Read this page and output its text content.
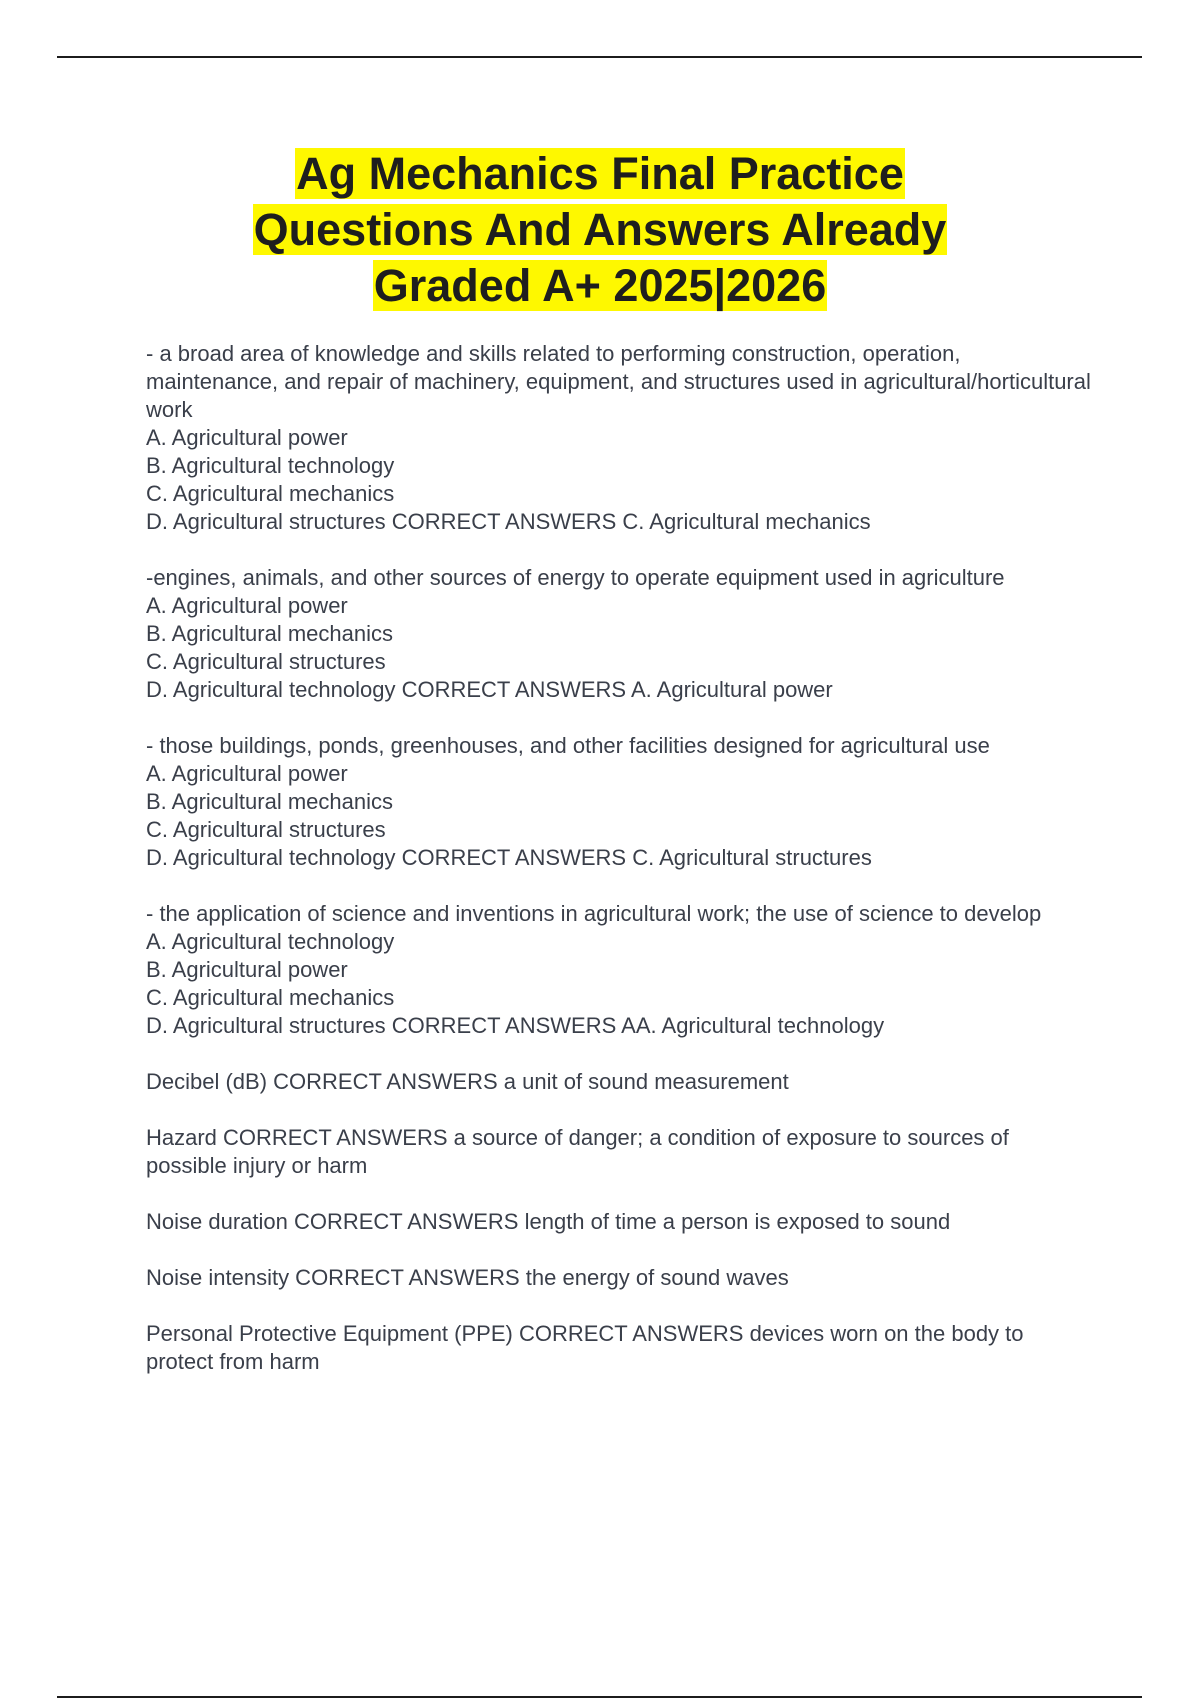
Ag Mechanics Final Practice
Questions And Answers Already
Graded A+ 2025|2026
- a broad area of knowledge and skills related to performing construction, operation, maintenance, and repair of machinery, equipment, and structures used in agricultural/horticultural work
A. Agricultural power
B. Agricultural technology
C. Agricultural mechanics
D. Agricultural structures CORRECT ANSWERS C. Agricultural mechanics
-engines, animals, and other sources of energy to operate equipment used in agriculture
A. Agricultural power
B. Agricultural mechanics
C. Agricultural structures
D. Agricultural technology CORRECT ANSWERS A. Agricultural power
- those buildings, ponds, greenhouses, and other facilities designed for agricultural use
A. Agricultural power
B. Agricultural mechanics
C. Agricultural structures
D. Agricultural technology CORRECT ANSWERS C. Agricultural structures
- the application of science and inventions in agricultural work; the use of science to develop
A. Agricultural technology
B. Agricultural power
C. Agricultural mechanics
D. Agricultural structures CORRECT ANSWERS AA. Agricultural technology
Decibel (dB) CORRECT ANSWERS a unit of sound measurement
Hazard CORRECT ANSWERS a source of danger; a condition of exposure to sources of possible injury or harm
Noise duration CORRECT ANSWERS length of time a person is exposed to sound
Noise intensity CORRECT ANSWERS the energy of sound waves
Personal Protective Equipment (PPE) CORRECT ANSWERS devices worn on the body to protect from harm
